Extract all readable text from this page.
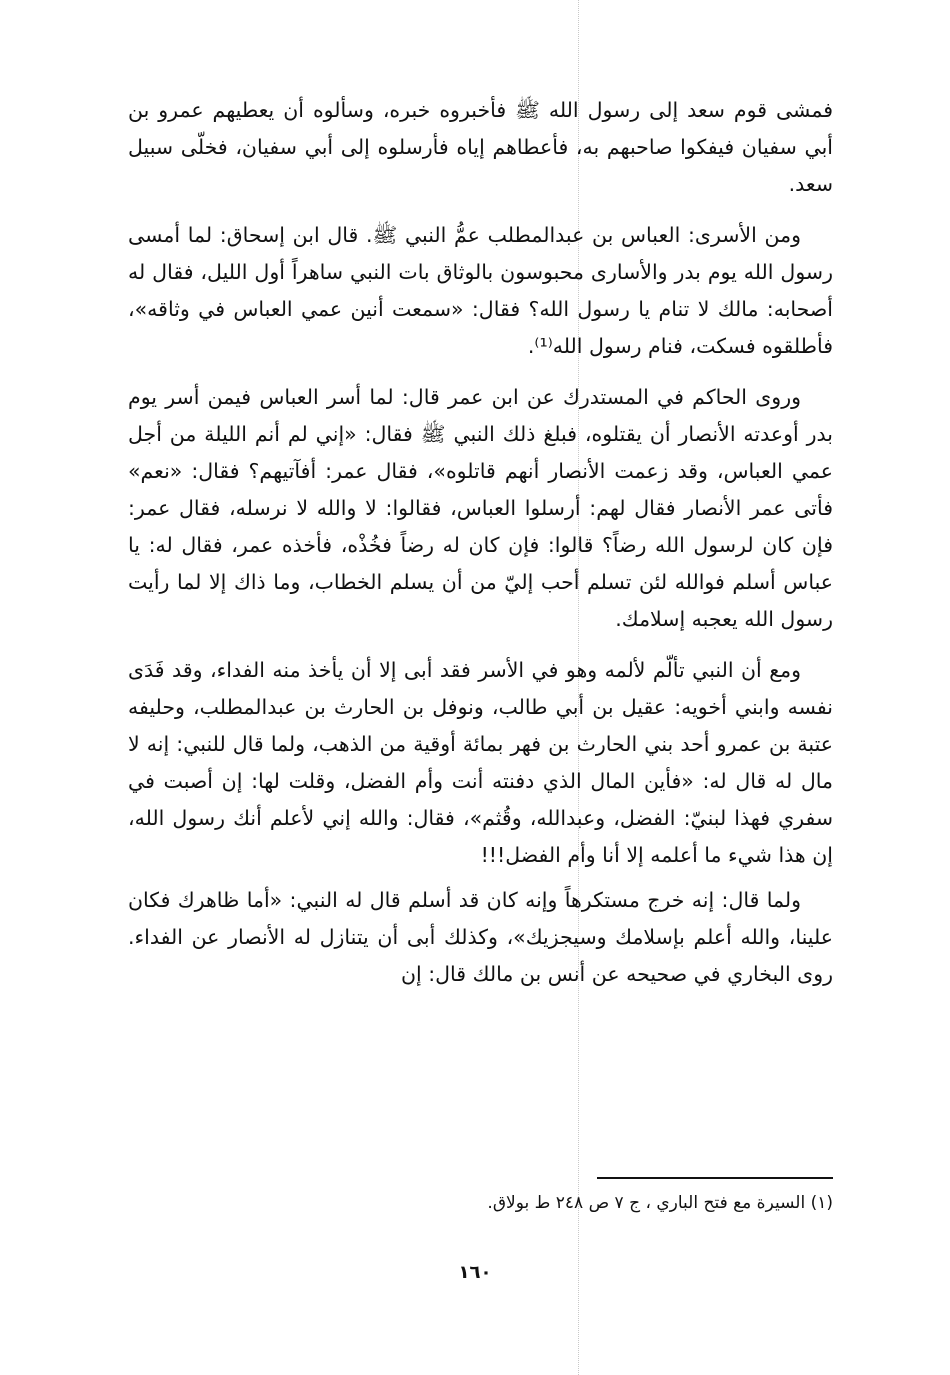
فمشى قوم سعد إلى رسول الله ﷺ فأخبروه خبره، وسألوه أن يعطيهم عمرو بن أبي سفيان فيفكوا صاحبهم به، فأعطاهم إياه فأرسلوه إلى أبي سفيان، فخلّى سبيل سعد.

ومن الأسرى: العباس بن عبدالمطلب عمُّ النبي ﷺ. قال ابن إسحاق: لما أمسى رسول الله يوم بدر والأسارى محبوسون بالوثاق بات النبي ساهراً أول الليل، فقال له أصحابه: مالك لا تنام يا رسول الله؟ فقال: «سمعت أنين عمي العباس في وثاقه»، فأطلقوه فسكت، فنام رسول الله⁽¹⁾.

وروى الحاكم في المستدرك عن ابن عمر قال: لما أسر العباس فيمن أسر يوم بدر أوعدته الأنصار أن يقتلوه، فبلغ ذلك النبي ﷺ فقال: «إني لم أنم الليلة من أجل عمي العباس، وقد زعمت الأنصار أنهم قاتلوه»، فقال عمر: أفآتيهم؟ فقال: «نعم» فأتى عمر الأنصار فقال لهم: أرسلوا العباس، فقالوا: لا والله لا نرسله، فقال عمر: فإن كان لرسول الله رضاً؟ قالوا: فإن كان له رضاً فخُذْه، فأخذه عمر، فقال له: يا عباس أسلم فوالله لئن تسلم أحب إليّ من أن يسلم الخطاب، وما ذاك إلا لما رأيت رسول الله يعجبه إسلامك.

ومع أن النبي تألّم لألمه وهو في الأسر فقد أبى إلا أن يأخذ منه الفداء، وقد فَدَى نفسه وابني أخويه: عقيل بن أبي طالب، ونوفل بن الحارث بن عبدالمطلب، وحليفه عتبة بن عمرو أحد بني الحارث بن فهر بمائة أوقية من الذهب، ولما قال للنبي: إنه لا مال له قال له: «فأين المال الذي دفنته أنت وأم الفضل، وقلت لها: إن أصبت في سفري فهذا لبنيّ: الفضل، وعبدالله، وقُثم»، فقال: والله إني لأعلم أنك رسول الله، إن هذا شيء ما أعلمه إلا أنا وأم الفضل!!!

ولما قال: إنه خرج مستكرهاً وإنه كان قد أسلم قال له النبي: «أما ظاهرك فكان علينا، والله أعلم بإسلامك وسيجزيك»، وكذلك أبى أن يتنازل له الأنصار عن الفداء. روى البخاري في صحيحه عن أنس بن مالك قال: إن

(١) السيرة مع فتح الباري ، ج ٧ ص ٢٤٨ ط بولاق.
١٦٠
